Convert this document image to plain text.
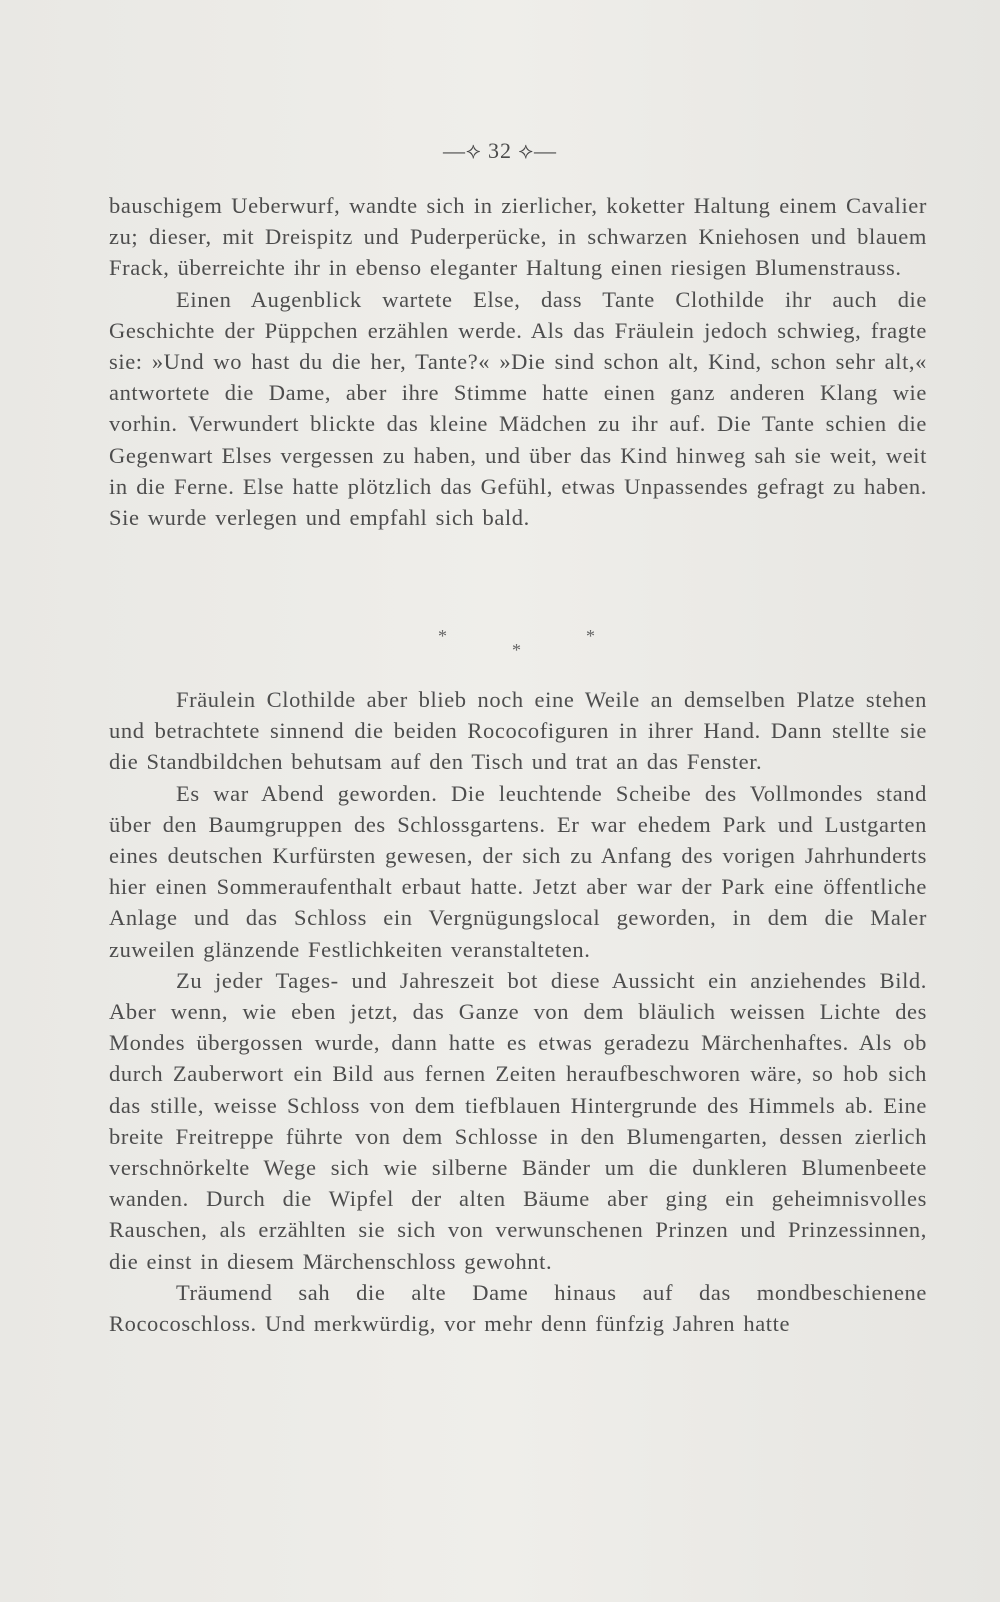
—⟡ 32 ⟡—

bauschigem Ueberwurf, wandte sich in zierlicher, koketter Haltung einem Cavalier zu; dieser, mit Dreispitz und Puderperücke, in schwarzen Kniehosen und blauem Frack, überreichte ihr in ebenso eleganter Haltung einen riesigen Blumenstrauss.

Einen Augenblick wartete Else, dass Tante Clothilde ihr auch die Geschichte der Püppchen erzählen werde. Als das Fräulein jedoch schwieg, fragte sie: »Und wo hast du die her, Tante?« »Die sind schon alt, Kind, schon sehr alt,« antwortete die Dame, aber ihre Stimme hatte einen ganz anderen Klang wie vorhin. Verwundert blickte das kleine Mädchen zu ihr auf. Die Tante schien die Gegenwart Elses vergessen zu haben, und über das Kind hinweg sah sie weit, weit in die Ferne. Else hatte plötzlich das Gefühl, etwas Unpassendes gefragt zu haben. Sie wurde verlegen und empfahl sich bald.

*
*
*

Fräulein Clothilde aber blieb noch eine Weile an demselben Platze stehen und betrachtete sinnend die beiden Rococofiguren in ihrer Hand. Dann stellte sie die Standbildchen behutsam auf den Tisch und trat an das Fenster.

Es war Abend geworden. Die leuchtende Scheibe des Vollmondes stand über den Baumgruppen des Schlossgartens. Er war ehedem Park und Lustgarten eines deutschen Kurfürsten gewesen, der sich zu Anfang des vorigen Jahrhunderts hier einen Sommeraufenthalt erbaut hatte. Jetzt aber war der Park eine öffentliche Anlage und das Schloss ein Vergnügungslocal geworden, in dem die Maler zuweilen glänzende Festlichkeiten veranstalteten.

Zu jeder Tages- und Jahreszeit bot diese Aussicht ein anziehendes Bild. Aber wenn, wie eben jetzt, das Ganze von dem bläulich weissen Lichte des Mondes übergossen wurde, dann hatte es etwas geradezu Märchenhaftes. Als ob durch Zauberwort ein Bild aus fernen Zeiten heraufbeschworen wäre, so hob sich das stille, weisse Schloss von dem tiefblauen Hintergrunde des Himmels ab. Eine breite Freitreppe führte von dem Schlosse in den Blumengarten, dessen zierlich verschnörkelte Wege sich wie silberne Bänder um die dunkleren Blumenbeete wanden. Durch die Wipfel der alten Bäume aber ging ein geheimnisvolles Rauschen, als erzählten sie sich von verwunschenen Prinzen und Prinzessinnen, die einst in diesem Märchenschloss gewohnt.

Träumend sah die alte Dame hinaus auf das mondbeschienene Rococoschloss. Und merkwürdig, vor mehr denn fünfzig Jahren hatte
